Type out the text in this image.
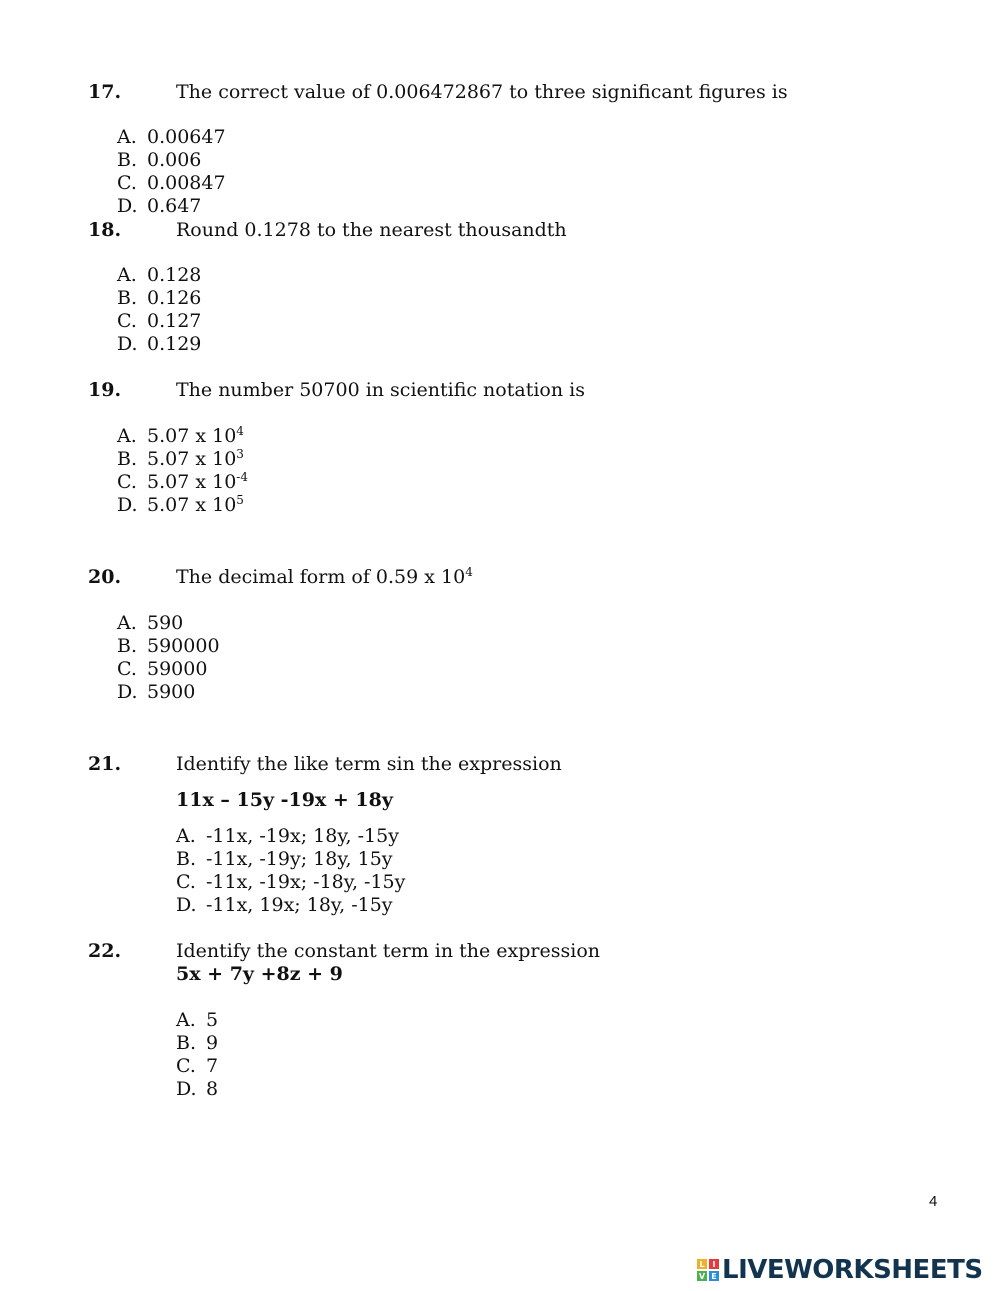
17.	The correct value of 0.006472867 to three significant figures is
A. 0.00647
B. 0.006
C. 0.00847
D. 0.647
18.	Round 0.1278 to the nearest thousandth
A. 0.128
B. 0.126
C. 0.127
D. 0.129
19.	The number 50700 in scientific notation is
A. 5.07 x $10^4$
B. 5.07 x $10^3$
C. 5.07 x $10^{-4}$
D. 5.07 x $10^5$
20.	The decimal form of 0.59 x $10^4$
A. 590
B. 590000
C. 59000
D. 5900
21.	Identify the like term sin the expression
11x – 15y -19x + 18y
A. -11x, -19x; 18y, -15y
B. -11x, -19y; 18y, 15y
C. -11x, -19x; -18y, -15y
D. -11x, 19x; 18y, -15y
22.	Identify the constant term in the expression
5x + 7y +8z + 9
A. 5
B. 9
C. 7
D. 8
4
L I
V E LIVEWORKSHEETS
